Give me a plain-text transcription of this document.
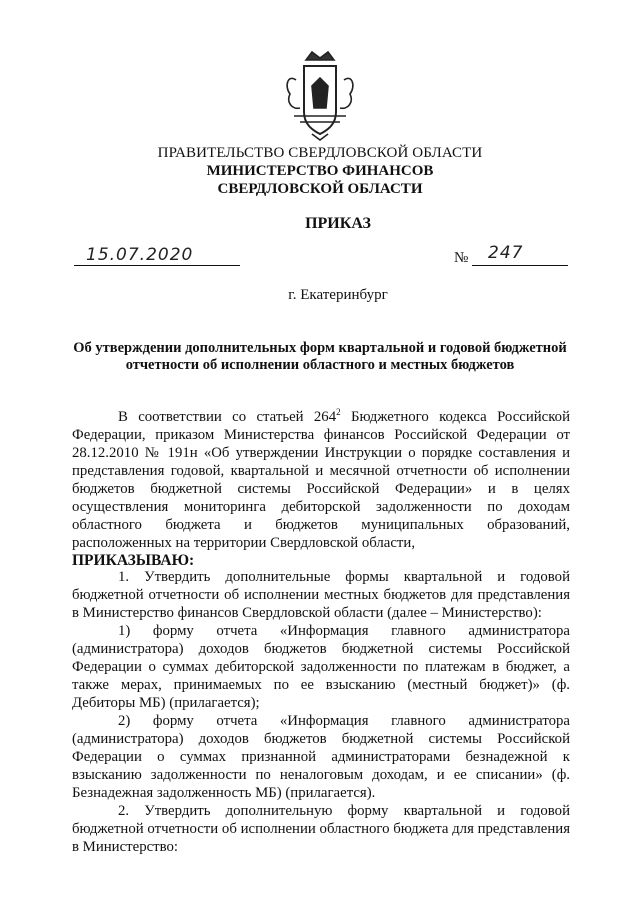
ПРАВИТЕЛЬСТВО СВЕРДЛОВСКОЙ ОБЛАСТИ
МИНИСТЕРСТВО ФИНАНСОВ
СВЕРДЛОВСКОЙ ОБЛАСТИ
ПРИКАЗ
15.07.2020	№ 247
г. Екатеринбург
Об утверждении дополнительных форм квартальной и годовой бюджетной
отчетности об исполнении областного и местных бюджетов
В соответствии со статьей $264^2$ Бюджетного кодекса Российской Федерации, приказом Министерства финансов Российской Федерации от 28.12.2010 № 191н «Об утверждении Инструкции о порядке составления и представления годовой, квартальной и месячной отчетности об исполнении бюджетов бюджетной системы Российской Федерации» и в целях осуществления мониторинга дебиторской задолженности по доходам областного бюджета и бюджетов муниципальных образований, расположенных на территории Свердловской области,
ПРИКАЗЫВАЮ:
1. Утвердить дополнительные формы квартальной и годовой бюджетной отчетности об исполнении местных бюджетов для представления в Министерство финансов Свердловской области (далее – Министерство):
1) форму отчета «Информация главного администратора (администратора) доходов бюджетов бюджетной системы Российской Федерации о суммах дебиторской задолженности по платежам в бюджет, а также мерах, принимаемых по ее взысканию (местный бюджет)» (ф. Дебиторы МБ) (прилагается);
2) форму отчета «Информация главного администратора (администратора) доходов бюджетов бюджетной системы Российской Федерации о суммах признанной администраторами безнадежной к взысканию задолженности по неналоговым доходам, и ее списании» (ф. Безнадежная задолженность МБ) (прилагается).
2. Утвердить дополнительную форму квартальной и годовой бюджетной отчетности об исполнении областного бюджета для представления в Министерство:
